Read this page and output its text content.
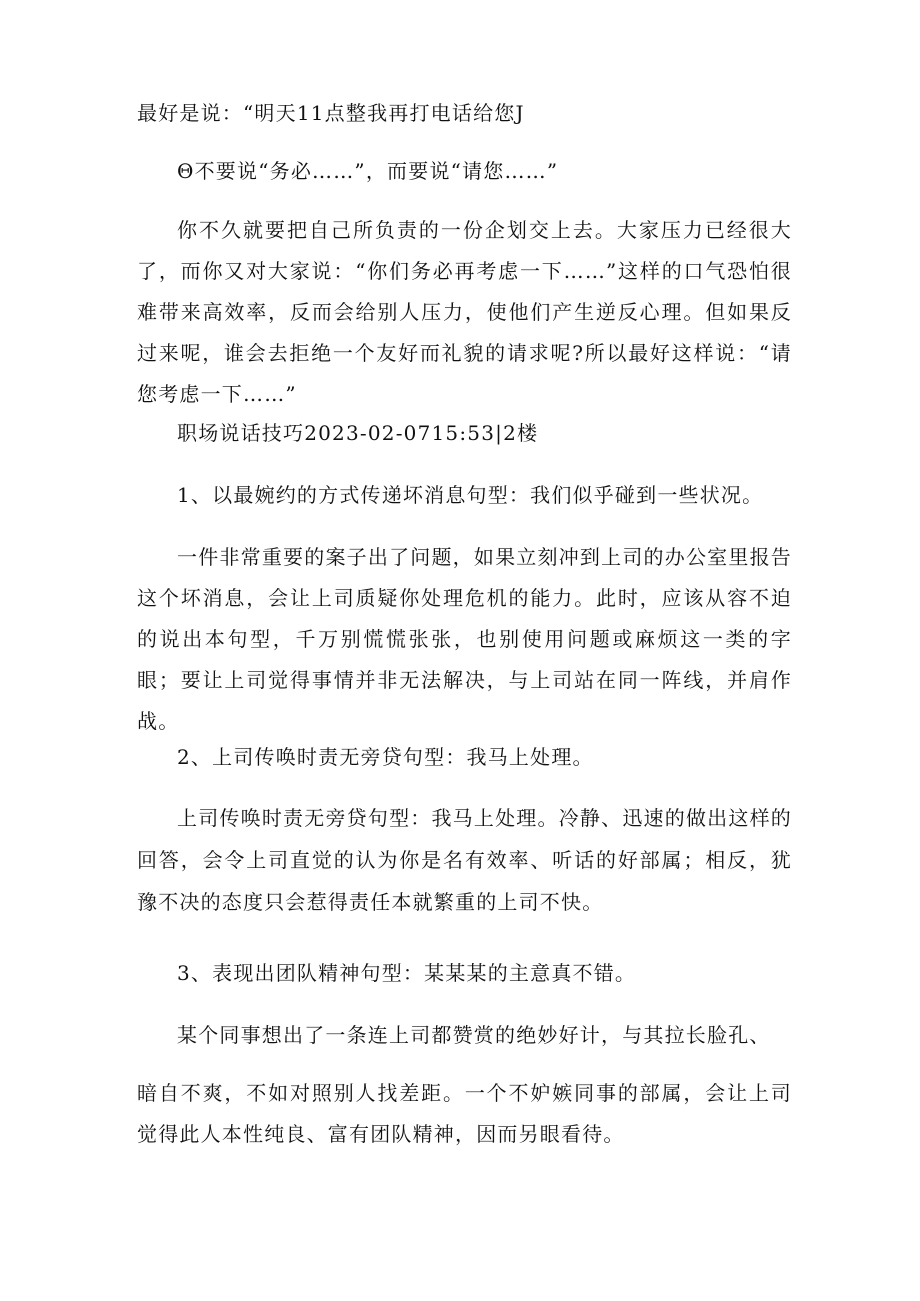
最好是说：“明天11点整我再打电话给您J

Θ不要说“务必……”，而要说“请您……”

你不久就要把自己所负责的一份企划交上去。大家压力已经很大了，而你又对大家说：“你们务必再考虑一下……”这样的口气恐怕很难带来高效率，反而会给别人压力，使他们产生逆反心理。但如果反过来呢，谁会去拒绝一个友好而礼貌的请求呢?所以最好这样说：“请您考虑一下……”

职场说话技巧2023-02-0715:53|2楼

1、以最婉约的方式传递坏消息句型：我们似乎碰到一些状况。

一件非常重要的案子出了问题，如果立刻冲到上司的办公室里报告这个坏消息，会让上司质疑你处理危机的能力。此时，应该从容不迫的说出本句型，千万别慌慌张张，也别使用问题或麻烦这一类的字眼；要让上司觉得事情并非无法解决，与上司站在同一阵线，并肩作战。

2、上司传唤时责无旁贷句型：我马上处理。

上司传唤时责无旁贷句型：我马上处理。冷静、迅速的做出这样的回答，会令上司直觉的认为你是名有效率、听话的好部属；相反，犹豫不决的态度只会惹得责任本就繁重的上司不快。

3、表现出团队精神句型：某某某的主意真不错。

某个同事想出了一条连上司都赞赏的绝妙好计，与其拉长脸孔、

暗自不爽，不如对照别人找差距。一个不妒嫉同事的部属，会让上司觉得此人本性纯良、富有团队精神，因而另眼看待。
